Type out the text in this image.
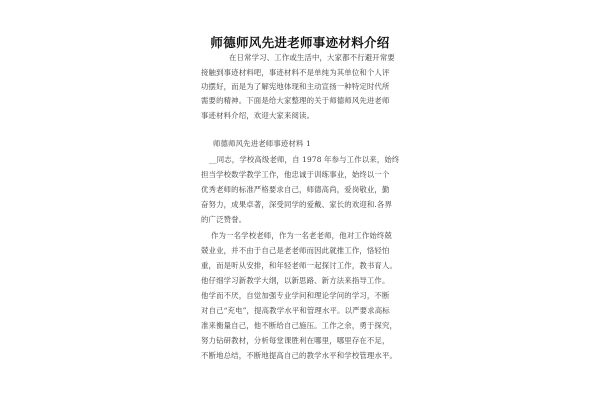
师德师风先进老师事迹材料介绍
在日常学习、工作或生活中，大家都不行避开常要
接触到事迹材料吧，事迹材料不是单纯为其单位和个人评
功摆好，而是为了解宪地体现和主动宣扬一种特定时代所
需要的精神。下面是给大家整理的关于师德师风先进老师
事迹材料介绍，欢迎大家来阅读。
师德师风先进老师事迹材料 1
__同志，学校高级老师，自 1978 年参与工作以来，始终
担当学校数学教学工作，他忠诚于训练事业，始终以一个
优秀老师的标准严格要求自己，师德高尚，爱岗敬业，勤
奋努力，成果卓著，深受同学的爱戴、家长的欢迎和.各界
的广泛赞誉。
作为一名学校老师，作为一名老老师，他对工作始终兢
兢业业，并不由于自己是老老师而因此就推工作，恪轻怕
重，而是听从安排，和年轻老师一起探讨工作，教书育人。
他仔细学习新教学大纲，以新思路、新方法来指导工作。
他学而不厌，自觉加强专业学问和理论学问的学习，不断
对自己“充电”，提高教学水平和管理水平。以严要求高标
准来衡量自己，他不断给自己施压。工作之余，勇于探究，
努力钻研教材，分析每堂课胜利在哪里，哪里存在不足，
不断地总结，不断地提高自己的教学水平和学校管理水平。
